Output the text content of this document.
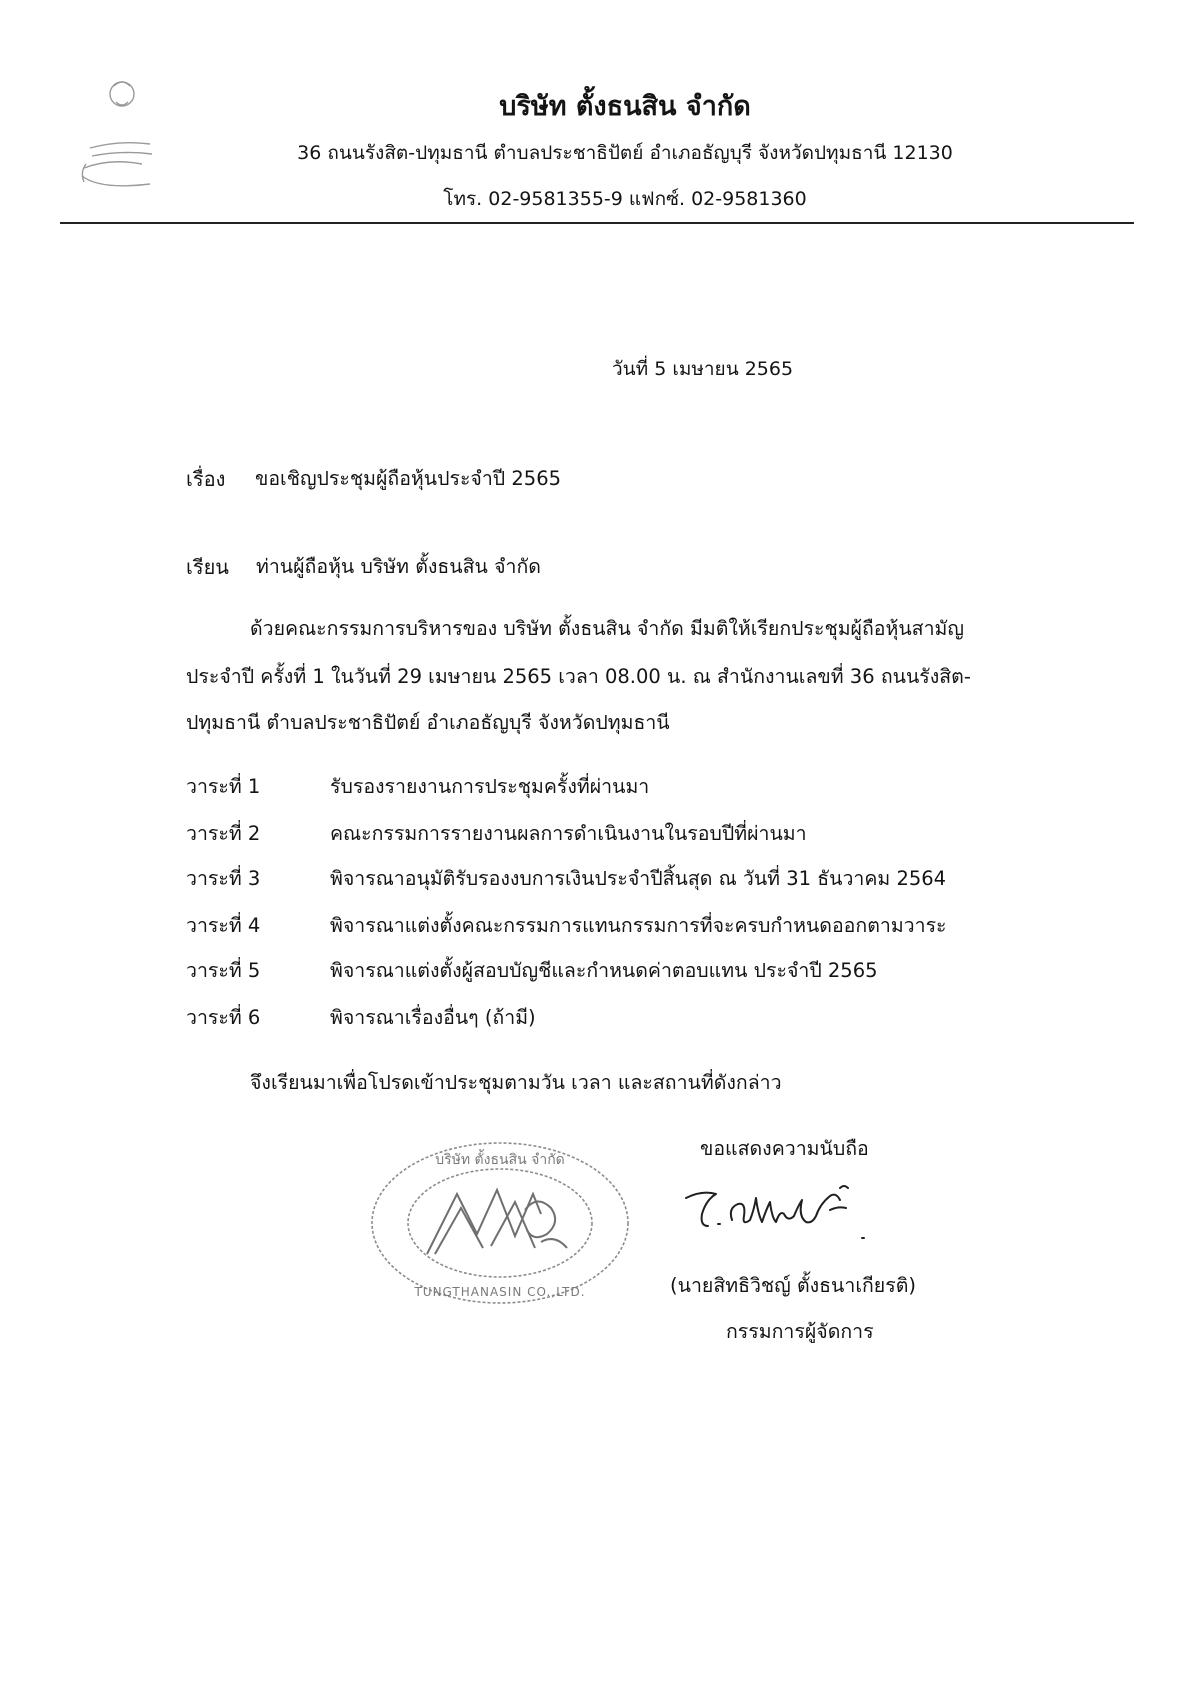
บริษัท ตั้งธนสิน จำกัด
36 ถนนรังสิต-ปทุมธานี ตำบลประชาธิปัตย์ อำเภอธัญบุรี จังหวัดปทุมธานี 12130
โทร. 02-9581355-9 แฟกซ์. 02-9581360
วันที่ 5 เมษายน 2565
เรื่อง ขอเชิญประชุมผู้ถือหุ้นประจำปี 2565
เรียน ท่านผู้ถือหุ้น บริษัท ตั้งธนสิน จำกัด
ด้วยคณะกรรมการบริหารของ บริษัท ตั้งธนสิน จำกัด มีมติให้เรียกประชุมผู้ถือหุ้นสามัญ
ประจำปี ครั้งที่ 1 ในวันที่ 29 เมษายน 2565 เวลา 08.00 น. ณ สำนักงานเลขที่ 36 ถนนรังสิต-
ปทุมธานี ตำบลประชาธิปัตย์ อำเภอธัญบุรี จังหวัดปทุมธานี
วาระที่ 1	รับรองรายงานการประชุมครั้งที่ผ่านมา
วาระที่ 2	คณะกรรมการรายงานผลการดำเนินงานในรอบปีที่ผ่านมา
วาระที่ 3	พิจารณาอนุมัติรับรองงบการเงินประจำปีสิ้นสุด ณ วันที่ 31 ธันวาคม 2564
วาระที่ 4	พิจารณาแต่งตั้งคณะกรรมการแทนกรรมการที่จะครบกำหนดออกตามวาระ
วาระที่ 5	พิจารณาแต่งตั้งผู้สอบบัญชีและกำหนดค่าตอบแทน ประจำปี 2565
วาระที่ 6	พิจารณาเรื่องอื่นๆ (ถ้ามี)
จึงเรียนมาเพื่อโปรดเข้าประชุมตามวัน เวลา และสถานที่ดังกล่าว
ขอแสดงความนับถือ
บริษัท ตั้งธนสิน จำกัด
TUNGTHANASIN CO.,LTD.	(นายสิทธิวิชญ์ ตั้งธนาเกียรติ)
กรรมการผู้จัดการ
